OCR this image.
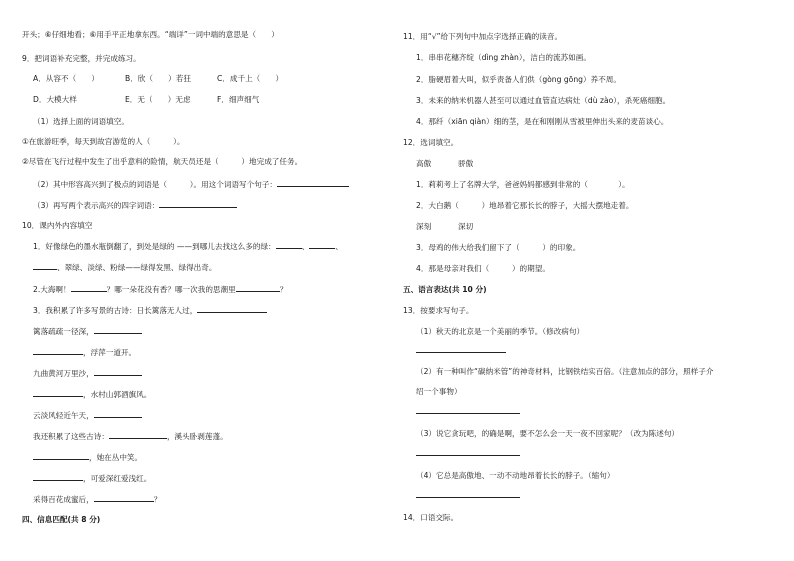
开头；⑥仔细地看；⑥用手平正地拿东西。“端详”一词中端的意思是（　　）
9．把词语补充完整，并完成练习。
A．从容不（　　）	B．欣（　　）若狂	C．成千上（　　）
D．大模大样	E．无（　　）无虑	F．细声细气
（1）选择上面的词语填空。
①在旅游旺季，每天到故宫游览的人（　　　）。
②尽管在飞行过程中发生了出乎意料的险情，航天员还是（　　　）地完成了任务。
（2）其中形容高兴到了极点的词语是（　　　）。用这个词语写个句子：
（3）再写两个表示高兴的四字词语：
10．课内外内容填空
1．好像绿色的墨水瓶倒翻了，到处是绿的 ——到哪儿去找这么多的绿：	、	、
、翠绿、淡绿、粉绿——绿得发黑、绿得出奇。
2.大海啊！	？哪一朵花没有香？哪一次我的思潮里	？
3．我积累了许多写景的古诗：日长篱落无人过，
篱落疏疏一径深，
，浮萍一道开。
九曲黄河万里沙，
，水村山郭酒旗风。
云淡风轻近午天，
我还积累了这些古诗：	，溪头卧剥莲蓬。
，她在丛中笑。
，可爱深红爱浅红。
采得百花成蜜后，	？
四、信息匹配(共 8 分)
11．用“√”给下列句中加点字选择正确的读音。
1．串串花穗齐绽（dìng zhàn），洁白的流苏如画。
2．脂硬眉着大叫，似乎责备人们供（gòng gōng）养不周。
3．未来的纳米机器人甚至可以通过血管直达病灶（dù zào），杀死癌细胞。
4．那纤（xiān qiàn）细的茎，是在和刚刚从雪被里伸出头来的麦苗谈心。
12．选词填空。
高傲	骄傲
1．莉莉考上了名牌大学，爸爸妈妈都感到非常的（　　　　）。
2．大白鹅（　　　）地昂着它那长长的脖子，大摇大摆地走着。
深刻	深切
3．母鸡的伟大给我们留下了（　　　）的印象。
4．那是母亲对我们（　　　）的期望。
五、语言表达(共 10 分)
13．按要求写句子。
（1）秋天的北京是一个美丽的季节。（修改病句）
（2）有一种叫作“碳纳米管”的神奇材料，比钢铁结实百倍。（注意加点的部分，照样子介
绍一个事物）
（3）说它贪玩吧，的确是啊，要不怎么会一天一夜不回家呢？（改为陈述句）
（4）它总是高傲地、一动不动地昂着长长的脖子。（缩句）
14．口语交际。
